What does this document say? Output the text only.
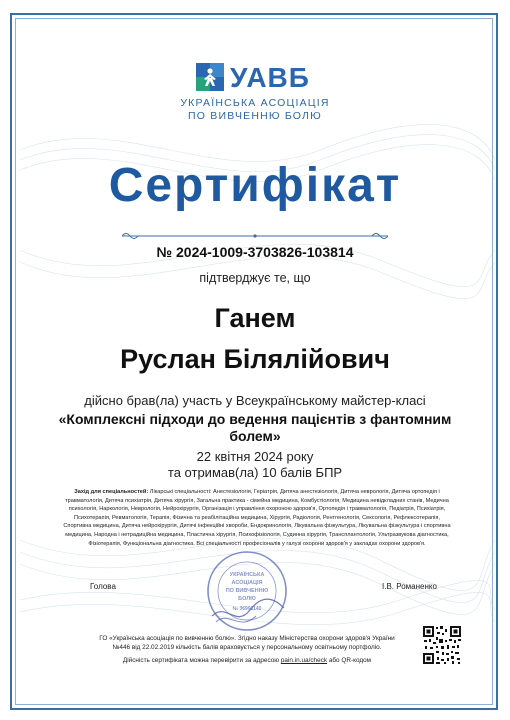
УАВБ
УКРАЇНСЬКА АСОЦІАЦІЯ
ПО ВИВЧЕННЮ БОЛЮ
Сертифікат
№ 2024-1009-3703826-103814
підтверджує те, що
Ганем
Руслан Білялійович
дійсно брав(ла) участь у Всеукраїнському майстер-класі
«Комплексні підходи до ведення пацієнтів з фантомним
болем»
22 квітня 2024 року
та отримав(ла) 10 балів БПР
Захід для спеціальностей: Лікарські спеціальності: Анестезіологія, Геріатрія, Дитяча анестезіологія, Дитяча неврологія, Дитяча ортопедія і травматологія, Дитяча психіатрія, Дитяча хірургія, Загальна практика - сімейна медицина, Комбустіологія, Медицина невідкладних станів, Медична психологія, Наркологія, Неврологія, Нейрохірургія, Організація і управління охороною здоров'я, Ортопедія і травматологія, Педіатрія, Психіатрія, Психотерапія, Ревматологія, Терапія, Фізична та реабілітаційна медицина, Хірургія, Радіологія, Рентгенологія, Сексологія, Рефлексотерапія, Спортивна медицина, Дитяча нейрохірургія, Дитячі інфекційні хвороби, Ендокринологія, Лікувальна фізкультура, Лікувальна фізкультура і спортивна медицина, Народна і нетрадиційна медицина, Пластична хірургія, Психофізіологія, Судинна хірургія, Трансплантологія, Ультразвукова діагностика, Фізіотерапія, Функціональна діагностика. Всі спеціальності професіоналів у галузі охорони здоров'я у закладах охорони здоров'я.
Голова	І.В. Романенко
УКРАЇНСЬКА
АСОЦІАЦІЯ
ПО ВИВЧЕННЮ
БОЛЮ
№ 36991140
ГО «Українська асоціація по вивченню болю». Згідно наказу Міністерства охорони здоров'я України
№446 від 22.02.2019 кількість балів враховується у персональному освітньому портфоліо.
Дійсність сертифіката можна перевірити за адресою pain.in.ua/check або QR-кодом
